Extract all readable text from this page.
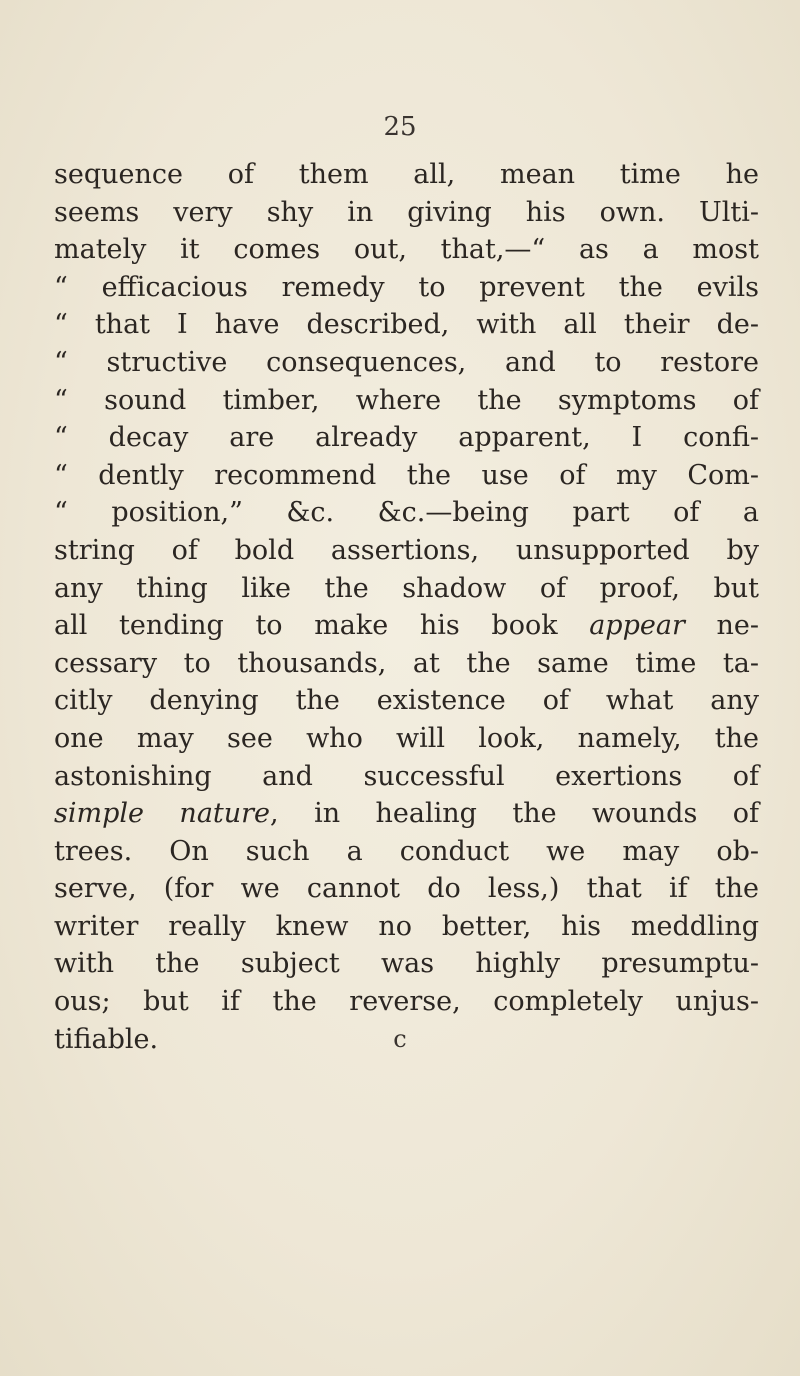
25
sequence of them all, mean time he
seems very shy in giving his own. Ulti-
mately it comes out, that,—“ as a most
“ efficacious remedy to prevent the evils
“ that I have described, with all their de-
“ structive consequences, and to restore
“ sound timber, where the symptoms of
“ decay are already apparent, I confi-
“ dently recommend the use of my Com-
“ position,” &c. &c.—being part of a
string of bold assertions, unsupported by
any thing like the shadow of proof, but
all tending to make his book appear ne-
cessary to thousands, at the same time ta-
citly denying the existence of what any
one may see who will look, namely, the
astonishing and successful exertions of
simple nature, in healing the wounds of
trees. On such a conduct we may ob-
serve, (for we cannot do less,) that if the
writer really knew no better, his meddling
with the subject was highly presumptu-
ous; but if the reverse, completely unjus-
tifiable.	c
